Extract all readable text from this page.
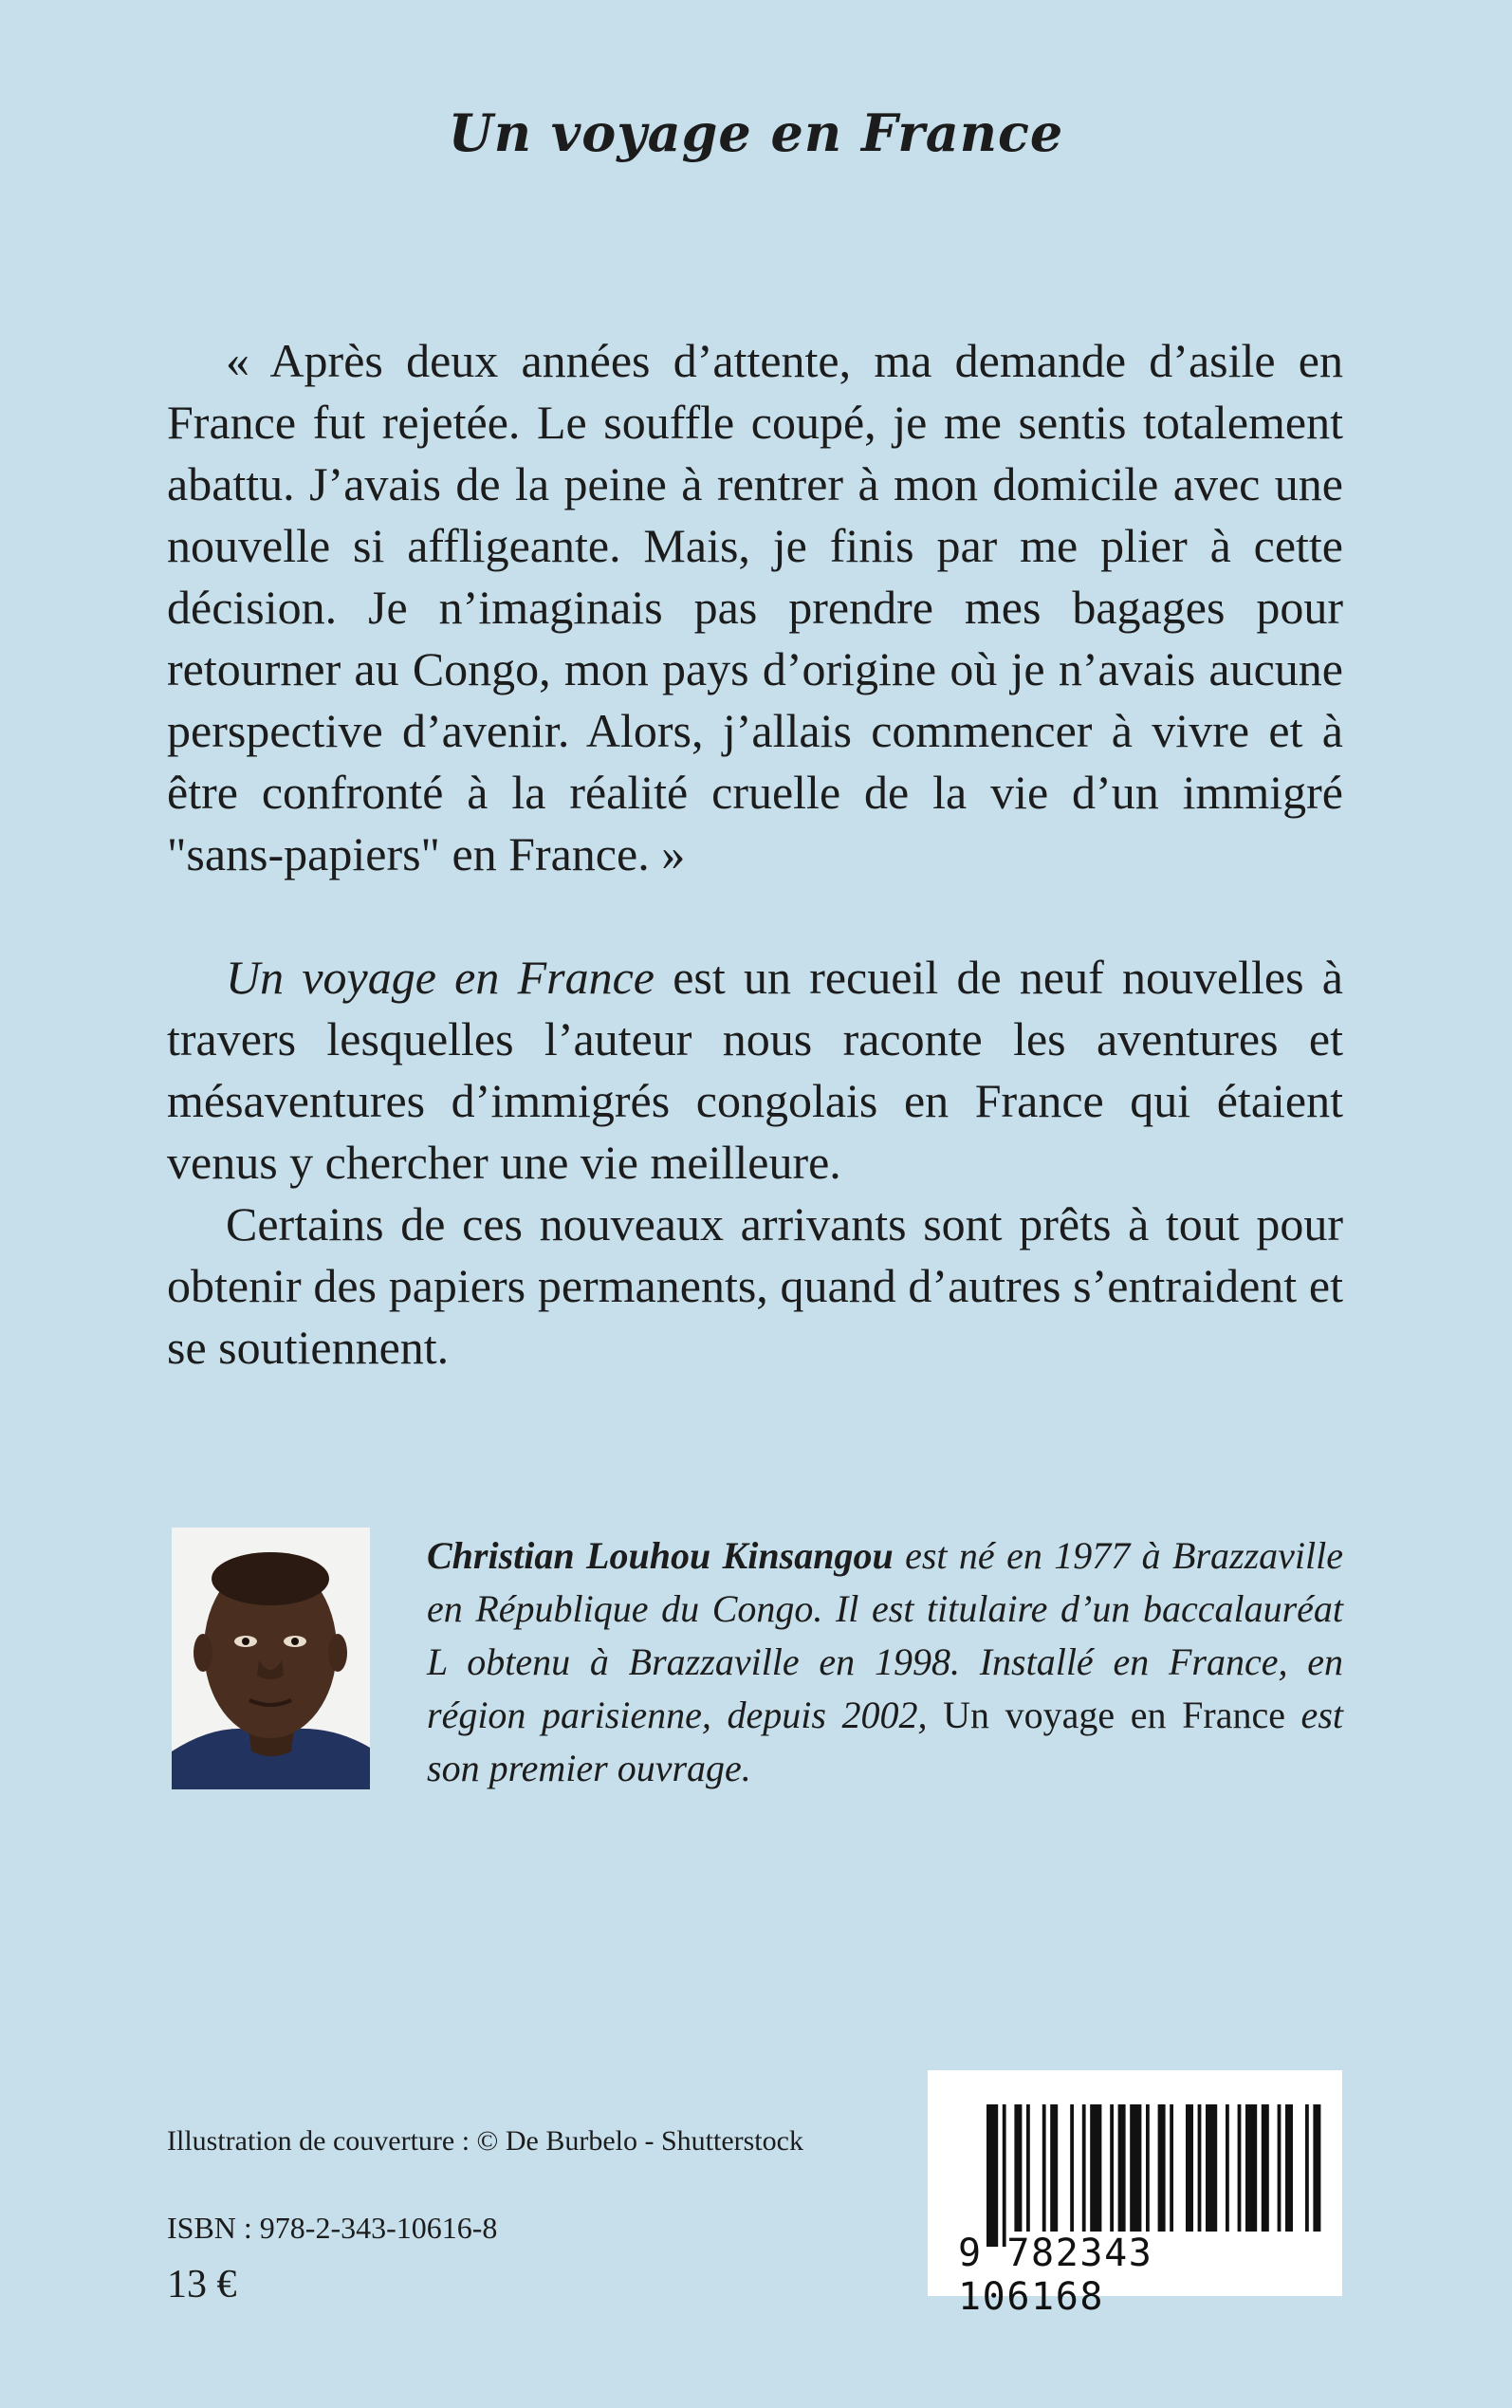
Un voyage en France

« Après deux années d’attente, ma demande d’asile en France fut rejetée. Le souffle coupé, je me sentis totalement abattu. J’avais de la peine à rentrer à mon domicile avec une nouvelle si affligeante. Mais, je finis par me plier à cette décision. Je n’imaginais pas prendre mes bagages pour retourner au Congo, mon pays d’origine où je n’avais aucune perspective d’avenir. Alors, j’allais commencer à vivre et à être confronté à la réalité cruelle de la vie d’un immigré "sans-papiers" en France. »

Un voyage en France est un recueil de neuf nouvelles à travers lesquelles l’auteur nous raconte les aventures et mésaventures d’immigrés congolais en France qui étaient venus y chercher une vie meilleure.

Certains de ces nouveaux arrivants sont prêts à tout pour obtenir des papiers permanents, quand d’autres s’entraident et se soutiennent.

Christian Louhou Kinsangou est né en 1977 à Brazzaville en République du Congo. Il est titulaire d’un baccalauréat L obtenu à Brazzaville en 1998. Installé en France, en région parisienne, depuis 2002, Un voyage en France est son premier ouvrage.

Illustration de couverture : © De Burbelo - Shutterstock

ISBN : 978-2-343-10616-8

13 €

9 782343 106168
